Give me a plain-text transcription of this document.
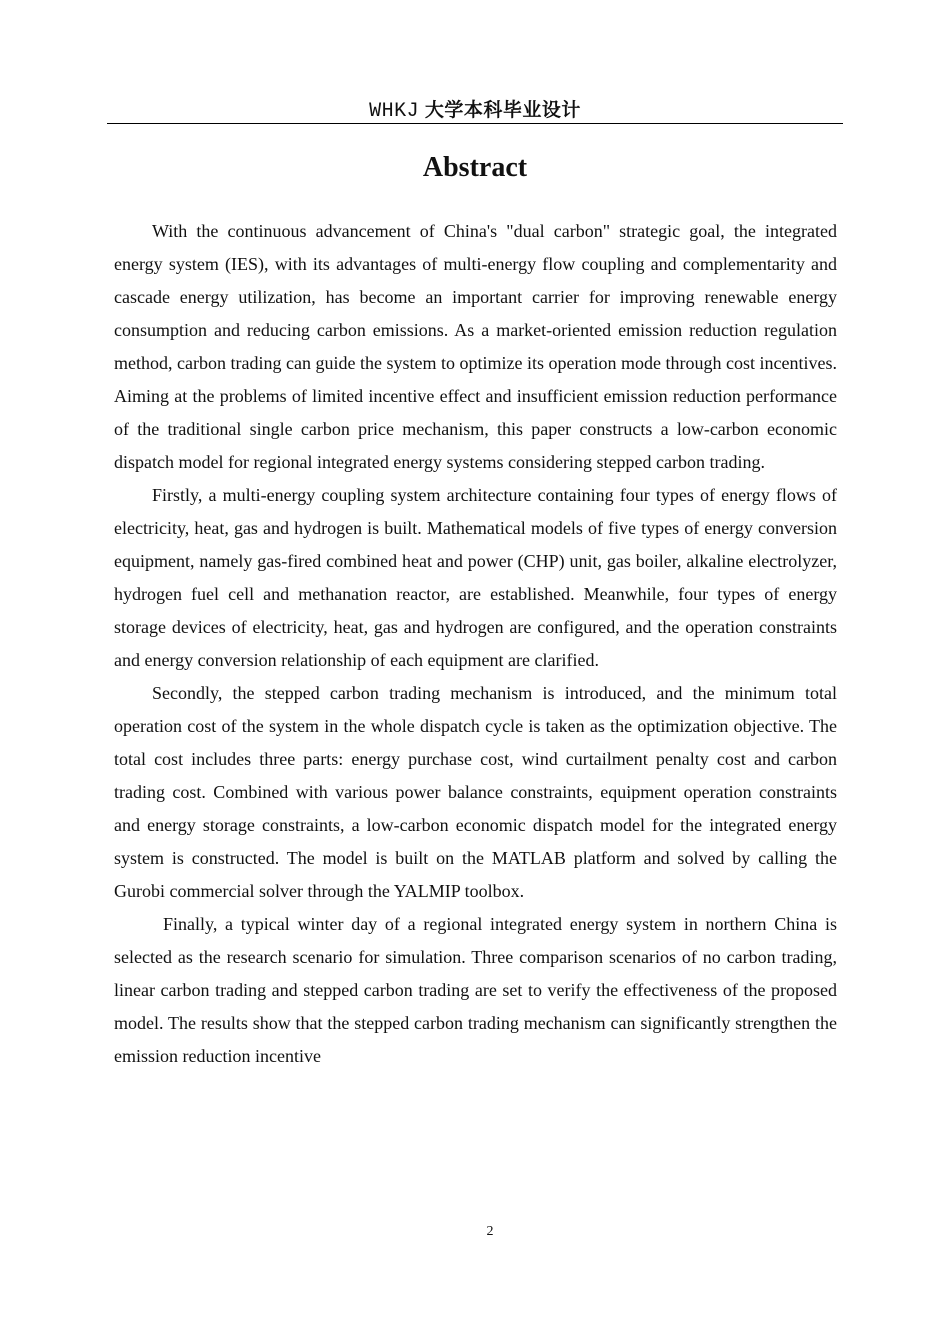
WHKJ 大学本科毕业设计
Abstract

With the continuous advancement of China's "dual carbon" strategic goal, the integrated energy system (IES), with its advantages of multi-energy flow coupling and complementarity and cascade energy utilization, has become an important carrier for improving renewable energy consumption and reducing carbon emissions. As a market-oriented emission reduction regulation method, carbon trading can guide the system to optimize its operation mode through cost incentives. Aiming at the problems of limited incentive effect and insufficient emission reduction performance of the traditional single carbon price mechanism, this paper constructs a low-carbon economic dispatch model for regional integrated energy systems considering stepped carbon trading.

Firstly, a multi-energy coupling system architecture containing four types of energy flows of electricity, heat, gas and hydrogen is built. Mathematical models of five types of energy conversion equipment, namely gas-fired combined heat and power (CHP) unit, gas boiler, alkaline electrolyzer, hydrogen fuel cell and methanation reactor, are established. Meanwhile, four types of energy storage devices of electricity, heat, gas and hydrogen are configured, and the operation constraints and energy conversion relationship of each equipment are clarified.

Secondly, the stepped carbon trading mechanism is introduced, and the minimum total operation cost of the system in the whole dispatch cycle is taken as the optimization objective. The total cost includes three parts: energy purchase cost, wind curtailment penalty cost and carbon trading cost. Combined with various power balance constraints, equipment operation constraints and energy storage constraints, a low-carbon economic dispatch model for the integrated energy system is constructed. The model is built on the MATLAB platform and solved by calling the Gurobi commercial solver through the YALMIP toolbox.

Finally, a typical winter day of a regional integrated energy system in northern China is selected as the research scenario for simulation. Three comparison scenarios of no carbon trading, linear carbon trading and stepped carbon trading are set to verify the effectiveness of the proposed model. The results show that the stepped carbon trading mechanism can significantly strengthen the emission reduction incentive

2
